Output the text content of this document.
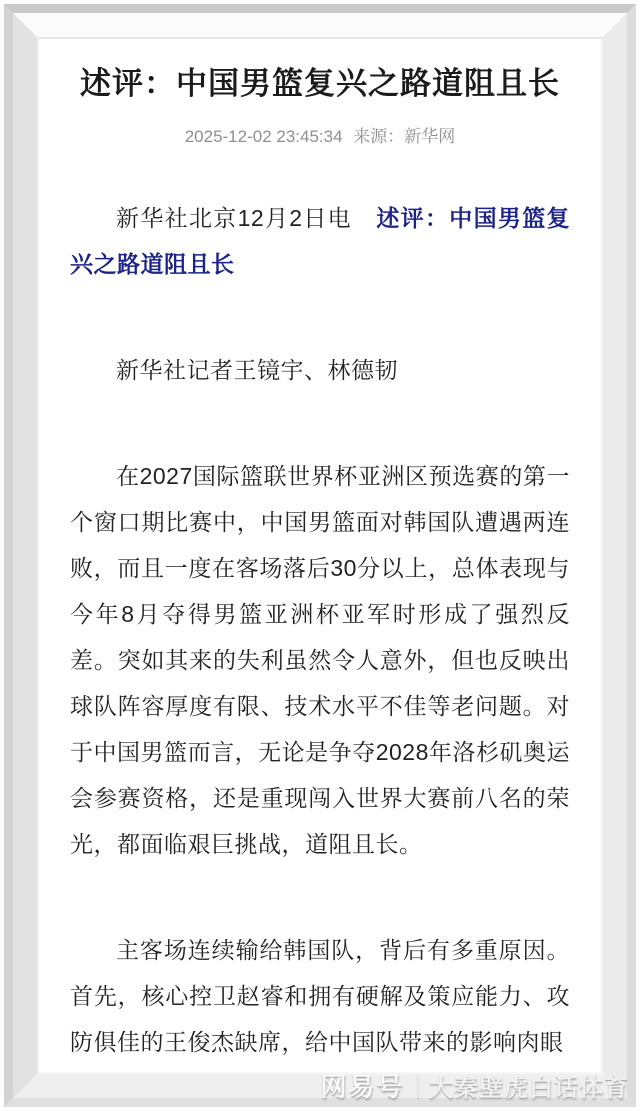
述评：中国男篮复兴之路道阻且长
2025-12-02 23:45:34 来源：新华网

新华社北京12月2日电　述评：中国男篮复兴之路道阻且长

新华社记者王镜宇、林德韧

在2027国际篮联世界杯亚洲区预选赛的第一个窗口期比赛中，中国男篮面对韩国队遭遇两连败，而且一度在客场落后30分以上，总体表现与今年8月夺得男篮亚洲杯亚军时形成了强烈反差。突如其来的失利虽然令人意外，但也反映出球队阵容厚度有限、技术水平不佳等老问题。对于中国男篮而言，无论是争夺2028年洛杉矶奥运会参赛资格，还是重现闯入世界大赛前八名的荣光，都面临艰巨挑战，道阻且长。

主客场连续输给韩国队，背后有多重原因。首先，核心控卫赵睿和拥有硬解及策应能力、攻防俱佳的王俊杰缺席，给中国队带来的影响肉眼

网易号 | 大秦壁虎白话体育
